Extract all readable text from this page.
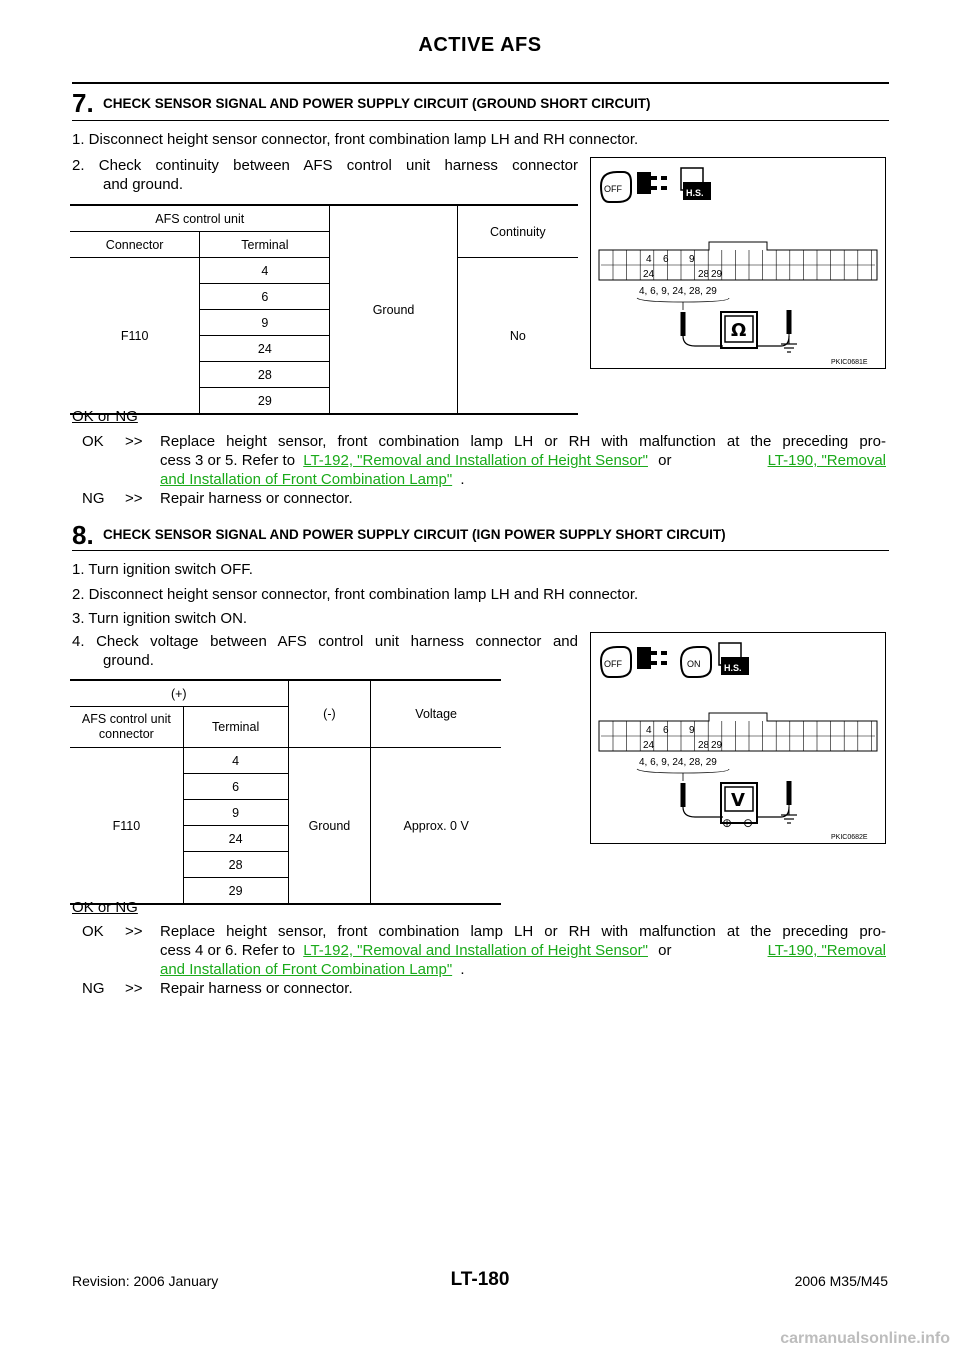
ACTIVE AFS
7. CHECK SENSOR SIGNAL AND POWER SUPPLY CIRCUIT (GROUND SHORT CIRCUIT)
1. Disconnect height sensor connector, front combination lamp LH and RH connector.
2. Check continuity between AFS control unit harness connector
and ground.
AFS control unit		Ground	Continuity
Connector	Terminal		
F110	4		No
	6		
	9		
	24		
	28		
	29		
OFF	H.S.
4 6 9
24	28 29
4, 6, 9, 24, 28, 29
Ω
PKIC0681E
OK or NG
OK >> Replace height sensor, front combination lamp LH or RH with malfunction at the preceding pro-
cess 3 or 5. Refer to LT-192, "Removal and Installation of Height Sensor" or	LT-190, "Removal
and Installation of Front Combination Lamp" .
NG >> Repair harness or connector.
8. CHECK SENSOR SIGNAL AND POWER SUPPLY CIRCUIT (IGN POWER SUPPLY SHORT CIRCUIT)
1. Turn ignition switch OFF.
2. Disconnect height sensor connector, front combination lamp LH and RH connector.
3. Turn ignition switch ON.
4. Check voltage between AFS control unit harness connector and
ground.
(+)		(-)	Voltage
AFS control unit
connector	Terminal		
F110	4	Ground	Approx. 0 V
	6		
	9		
	24		
	28		
	29		
OFF	ON	H.S.
4 6 9
24	28 29
4, 6, 9, 24, 28, 29
V
⊕ ⊖
PKIC0682E
OK or NG
OK >> Replace height sensor, front combination lamp LH or RH with malfunction at the preceding pro-
cess 4 or 6. Refer to LT-192, "Removal and Installation of Height Sensor" or	LT-190, "Removal
and Installation of Front Combination Lamp" .
NG >> Repair harness or connector.
Revision: 2006 January	LT-180	2006 M35/M45
carmanualsonline.info
